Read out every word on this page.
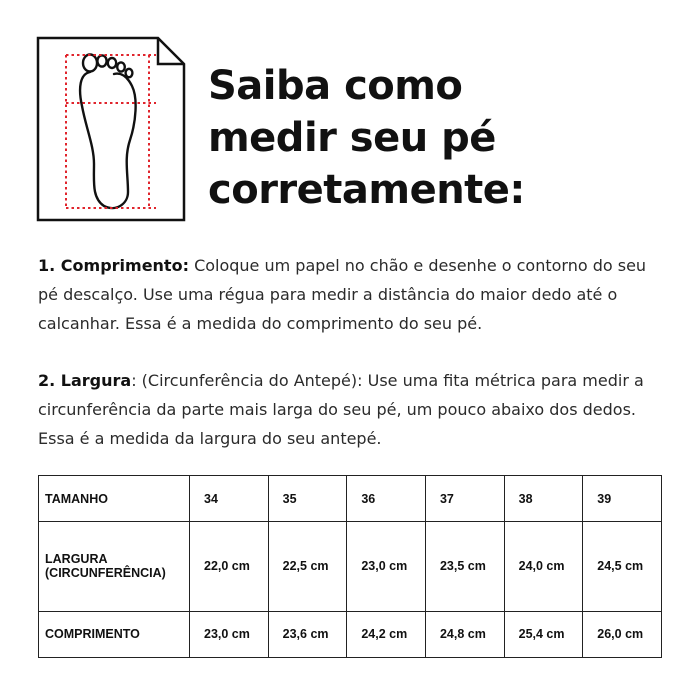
Saiba como
medir seu pé
corretamente:

1. Comprimento: Coloque um papel no chão e desenhe o contorno do seu pé descalço. Use uma régua para medir a distância do maior dedo até o calcanhar. Essa é a medida do comprimento do seu pé.

2. Largura: (Circunferência do Antepé): Use uma fita métrica para medir a circunferência da parte mais larga do seu pé, um pouco abaixo dos dedos. Essa é a medida da largura do seu antepé.

TAMANHO	34	35	36	37	38	39

LARGURA
(CIRCUNFERÊNCIA)	22,0 cm	22,5 cm	23,0 cm	23,5 cm	24,0 cm	24,5 cm
COMPRIMENTO	23,0 cm	23,6 cm	24,2 cm	24,8 cm	25,4 cm	26,0 cm
